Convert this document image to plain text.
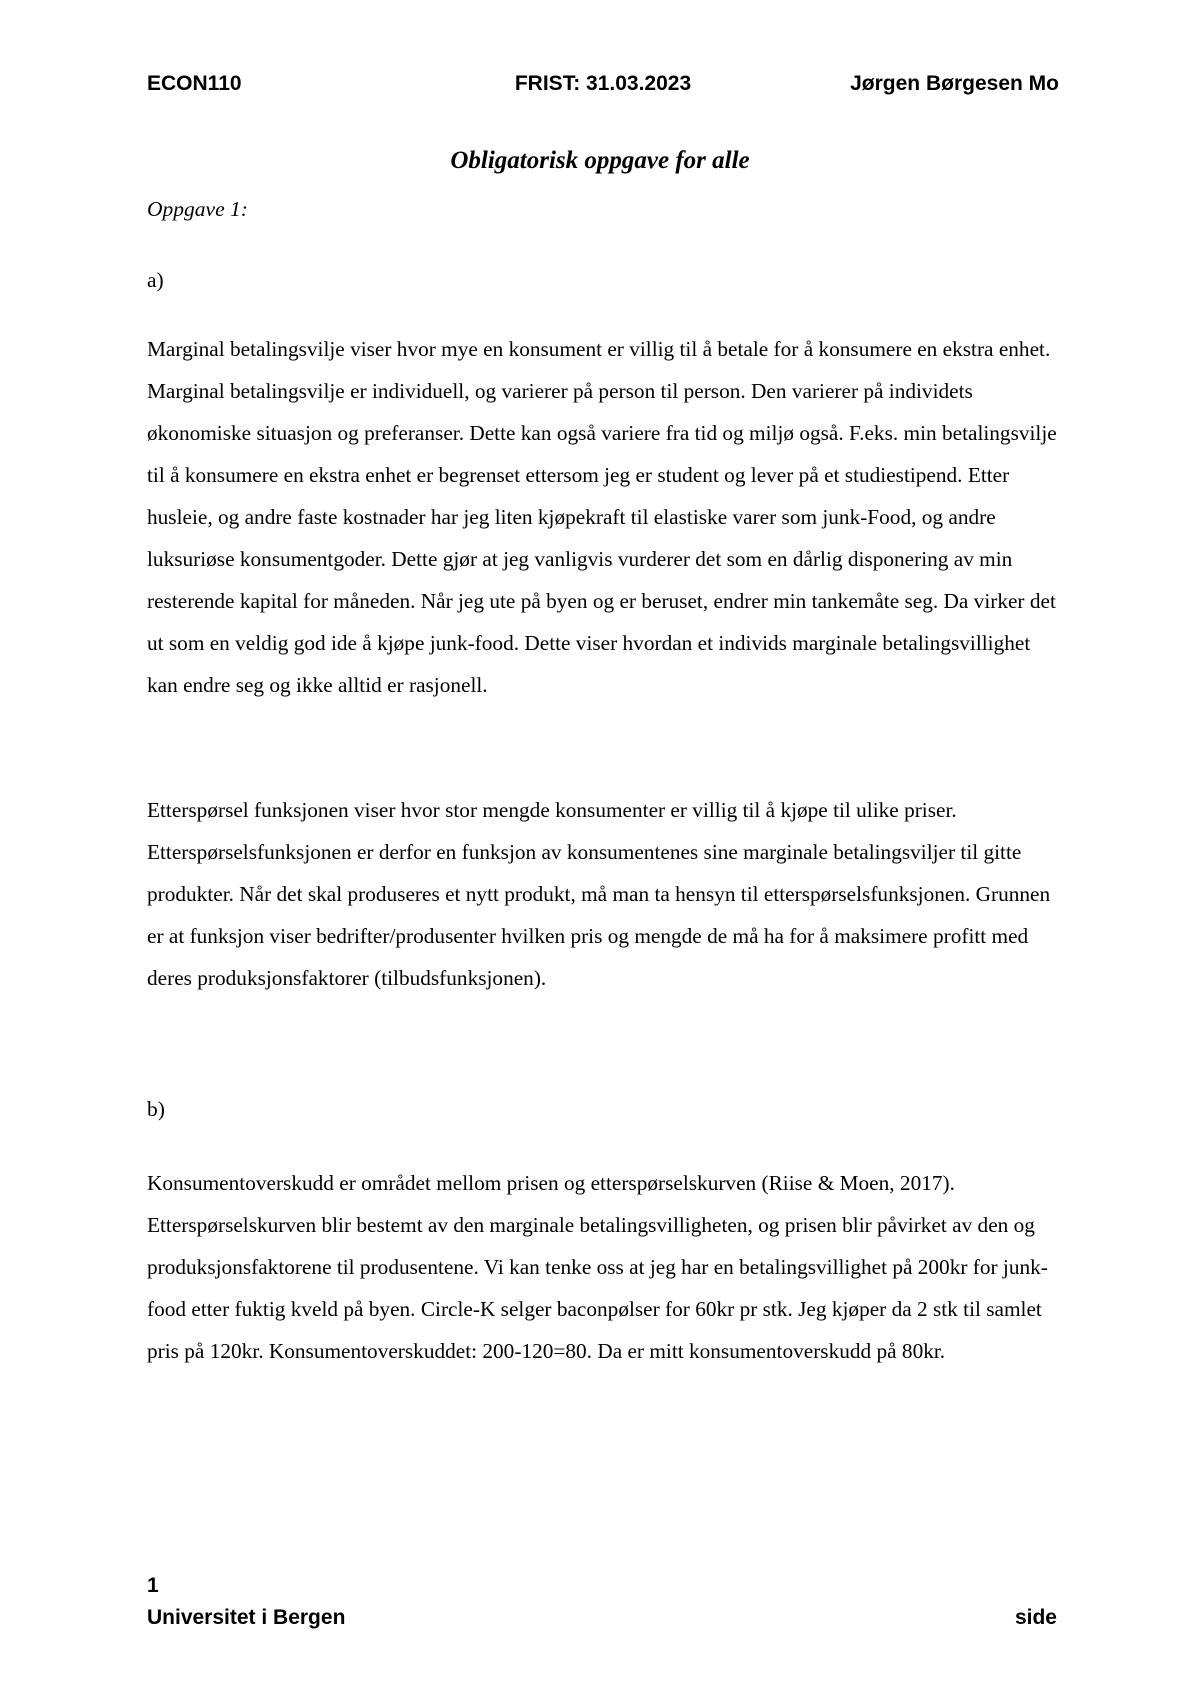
ECON110	FRIST: 31.03.2023	Jørgen Børgesen Mo
Obligatorisk oppgave for alle
Oppgave 1:
a)

Marginal betalingsvilje viser hvor mye en konsument er villig til å betale for å konsumere en ekstra enhet. Marginal betalingsvilje er individuell, og varierer på person til person. Den varierer på individets økonomiske situasjon og preferanser. Dette kan også variere fra tid og miljø også. F.eks. min betalingsvilje til å konsumere en ekstra enhet er begrenset ettersom jeg er student og lever på et studiestipend. Etter husleie, og andre faste kostnader har jeg liten kjøpekraft til elastiske varer som junk-Food, og andre luksuriøse konsumentgoder. Dette gjør at jeg vanligvis vurderer det som en dårlig disponering av min resterende kapital for måneden. Når jeg ute på byen og er beruset, endrer min tankemåte seg. Da virker det ut som en veldig god ide å kjøpe junk-food. Dette viser hvordan et individs marginale betalingsvillighet kan endre seg og ikke alltid er rasjonell.

Etterspørsel funksjonen viser hvor stor mengde konsumenter er villig til å kjøpe til ulike priser. Etterspørselsfunksjonen er derfor en funksjon av konsumentenes sine marginale betalingsviljer til gitte produkter. Når det skal produseres et nytt produkt, må man ta hensyn til etterspørselsfunksjonen. Grunnen er at funksjon viser bedrifter/produsenter hvilken pris og mengde de må ha for å maksimere profitt med deres produksjonsfaktorer (tilbudsfunksjonen).

b)

Konsumentoverskudd er området mellom prisen og etterspørselskurven (Riise & Moen, 2017). Etterspørselskurven blir bestemt av den marginale betalingsvilligheten, og prisen blir påvirket av den og produksjonsfaktorene til produsentene. Vi kan tenke oss at jeg har en betalingsvillighet på 200kr for junk-food etter fuktig kveld på byen. Circle-K selger baconpølser for 60kr pr stk. Jeg kjøper da 2 stk til samlet pris på 120kr. Konsumentoverskuddet: 200-120=80. Da er mitt konsumentoverskudd på 80kr.

1
Universitet i Bergen	side
